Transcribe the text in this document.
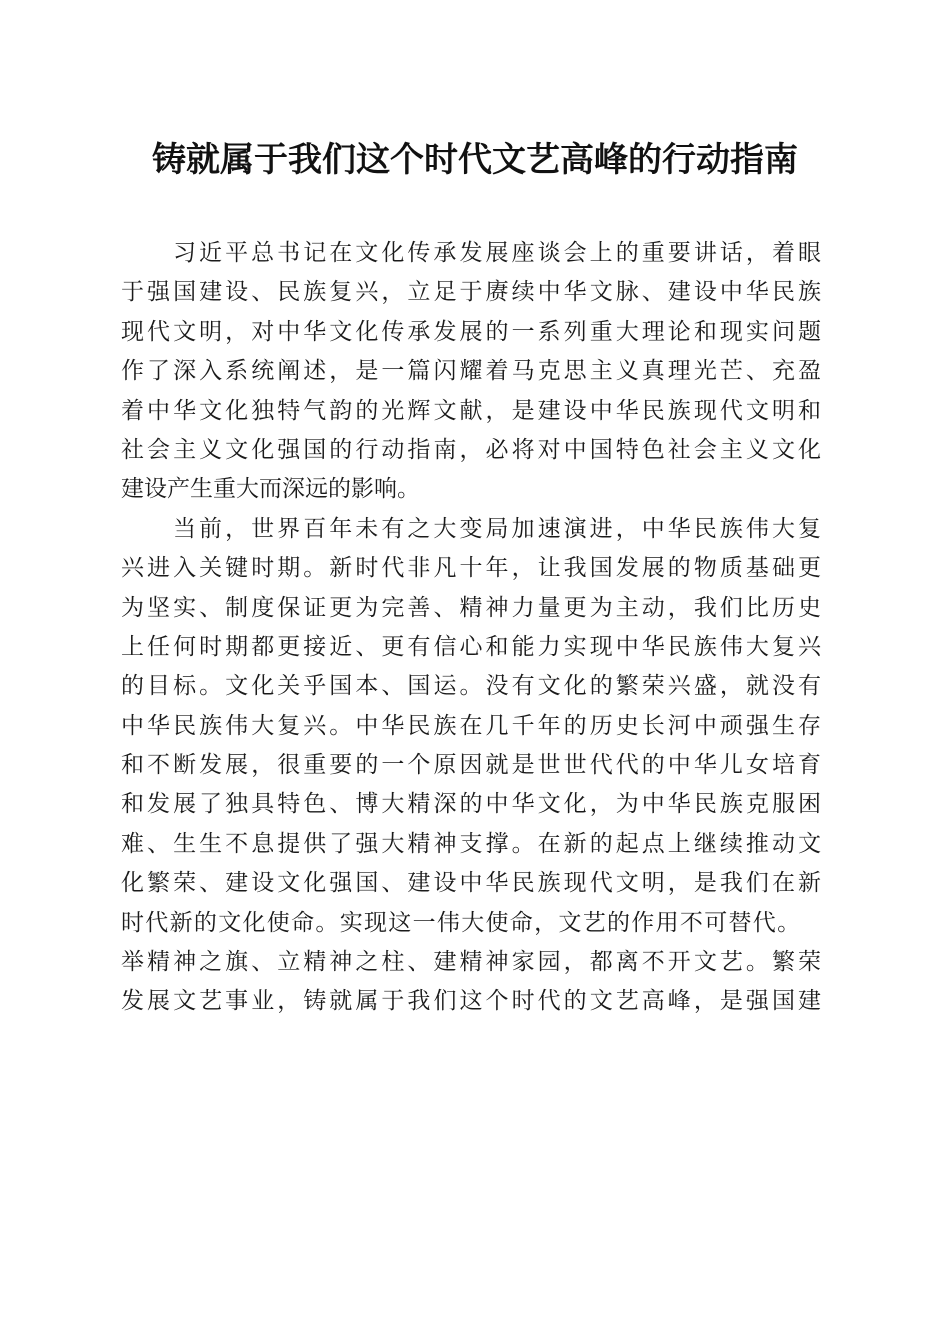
铸就属于我们这个时代文艺高峰的行动指南
习近平总书记在文化传承发展座谈会上的重要讲话，着眼
于强国建设、民族复兴，立足于赓续中华文脉、建设中华民族
现代文明，对中华文化传承发展的一系列重大理论和现实问题
作了深入系统阐述，是一篇闪耀着马克思主义真理光芒、充盈
着中华文化独特气韵的光辉文献，是建设中华民族现代文明和
社会主义文化强国的行动指南，必将对中国特色社会主义文化
建设产生重大而深远的影响。
当前，世界百年未有之大变局加速演进，中华民族伟大复
兴进入关键时期。新时代非凡十年，让我国发展的物质基础更
为坚实、制度保证更为完善、精神力量更为主动，我们比历史
上任何时期都更接近、更有信心和能力实现中华民族伟大复兴
的目标。文化关乎国本、国运。没有文化的繁荣兴盛，就没有
中华民族伟大复兴。中华民族在几千年的历史长河中顽强生存
和不断发展，很重要的一个原因就是世世代代的中华儿女培育
和发展了独具特色、博大精深的中华文化，为中华民族克服困
难、生生不息提供了强大精神支撑。在新的起点上继续推动文
化繁荣、建设文化强国、建设中华民族现代文明，是我们在新
时代新的文化使命。实现这一伟大使命，文艺的作用不可替代。
举精神之旗、立精神之柱、建精神家园，都离不开文艺。繁荣
发展文艺事业，铸就属于我们这个时代的文艺高峰，是强国建
